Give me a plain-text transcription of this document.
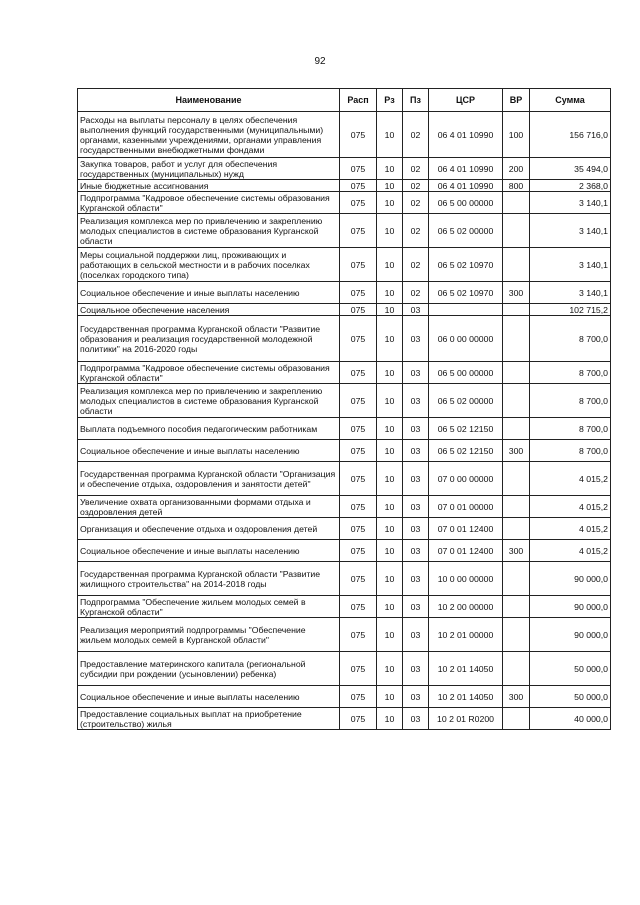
92
Наименование	Расп	Рз	Пз	ЦСР	ВР	Сумма
Расходы на выплаты персоналу в целях обеспечения выполнения функций государственными (муниципальными) органами, казенными учреждениями, органами управления государственными внебюджетными фондами	075	10	02	06 4 01 10990	100	156 716,0
Закупка товаров, работ и услуг для обеспечения государственных (муниципальных) нужд	075	10	02	06 4 01 10990	200	35 494,0
Иные бюджетные ассигнования	075	10	02	06 4 01 10990	800	2 368,0
Подпрограмма "Кадровое обеспечение системы образования Курганской области"	075	10	02	06 5 00 00000		3 140,1
Реализация комплекса мер по привлечению и закреплению молодых специалистов в системе образования Курганской области	075	10	02	06 5 02 00000		3 140,1
Меры социальной поддержки лиц, проживающих и работающих в сельской местности и в рабочих поселках (поселках городского типа)	075	10	02	06 5 02 10970		3 140,1
Социальное обеспечение и иные выплаты населению	075	10	02	06 5 02 10970	300	3 140,1
Социальное обеспечение населения	075	10	03			102 715,2
Государственная программа Курганской области "Развитие образования и реализация государственной молодежной политики" на 2016-2020 годы	075	10	03	06 0 00 00000		8 700,0
Подпрограмма "Кадровое обеспечение системы образования Курганской области"	075	10	03	06 5 00 00000		8 700,0
Реализация комплекса мер по привлечению и закреплению молодых специалистов в системе образования Курганской области	075	10	03	06 5 02 00000		8 700,0
Выплата подъемного пособия педагогическим работникам	075	10	03	06 5 02 12150		8 700,0
Социальное обеспечение и иные выплаты населению	075	10	03	06 5 02 12150	300	8 700,0
Государственная программа Курганской области "Организация и обеспечение отдыха, оздоровления и занятости детей"	075	10	03	07 0 00 00000		4 015,2
Увеличение охвата организованными формами отдыха и оздоровления детей	075	10	03	07 0 01 00000		4 015,2
Организация и обеспечение отдыха и оздоровления детей	075	10	03	07 0 01 12400		4 015,2
Социальное обеспечение и иные выплаты населению	075	10	03	07 0 01 12400	300	4 015,2
Государственная программа Курганской области "Развитие жилищного строительства" на 2014-2018 годы	075	10	03	10 0 00 00000		90 000,0
Подпрограмма "Обеспечение жильем молодых семей в Курганской области"	075	10	03	10 2 00 00000		90 000,0
Реализация мероприятий подпрограммы "Обеспечение жильем молодых семей в Курганской области"	075	10	03	10 2 01 00000		90 000,0
Предоставление материнского капитала (региональной субсидии при рождении (усыновлении) ребенка)	075	10	03	10 2 01 14050		50 000,0
Социальное обеспечение и иные выплаты населению	075	10	03	10 2 01 14050	300	50 000,0
Предоставление социальных выплат на приобретение (строительство) жилья	075	10	03	10 2 01 R0200		40 000,0
